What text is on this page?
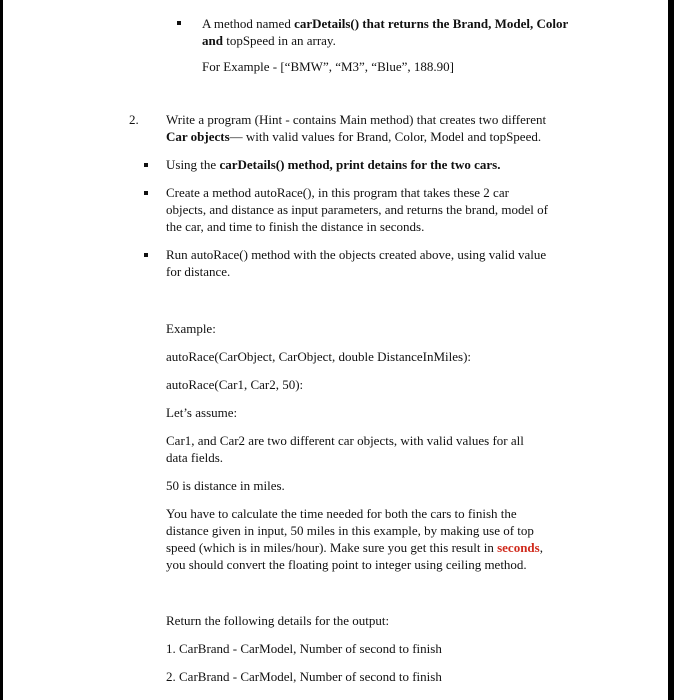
A method named carDetails() that returns the Brand, Model, Color

and topSpeed in an array.

For Example - [“BMW”, “M3”, “Blue”, 188.90]
2. Write a program (Hint - contains Main method) that creates two different

Car objects— with valid values for Brand, Color, Model and topSpeed.

Using the carDetails() method, print detains for the two cars.

Create a method autoRace(), in this program that takes these 2 car

objects, and distance as input parameters, and returns the brand, model of

the car, and time to finish the distance in seconds.

Run autoRace() method with the objects created above, using valid value

for distance.

Example:
autoRace(CarObject, CarObject, double DistanceInMiles):
autoRace(Car1, Car2, 50):
Let’s assume:

Car1, and Car2 are two different car objects, with valid values for all

data fields.

50 is distance in miles.

You have to calculate the time needed for both the cars to finish the

distance given in input, 50 miles in this example, by making use of top

speed (which is in miles/hour). Make sure you get this result in seconds,

you should convert the floating point to integer using ceiling method.

Return the following details for the output:
1. CarBrand - CarModel, Number of second to finish
2. CarBrand - CarModel, Number of second to finish
